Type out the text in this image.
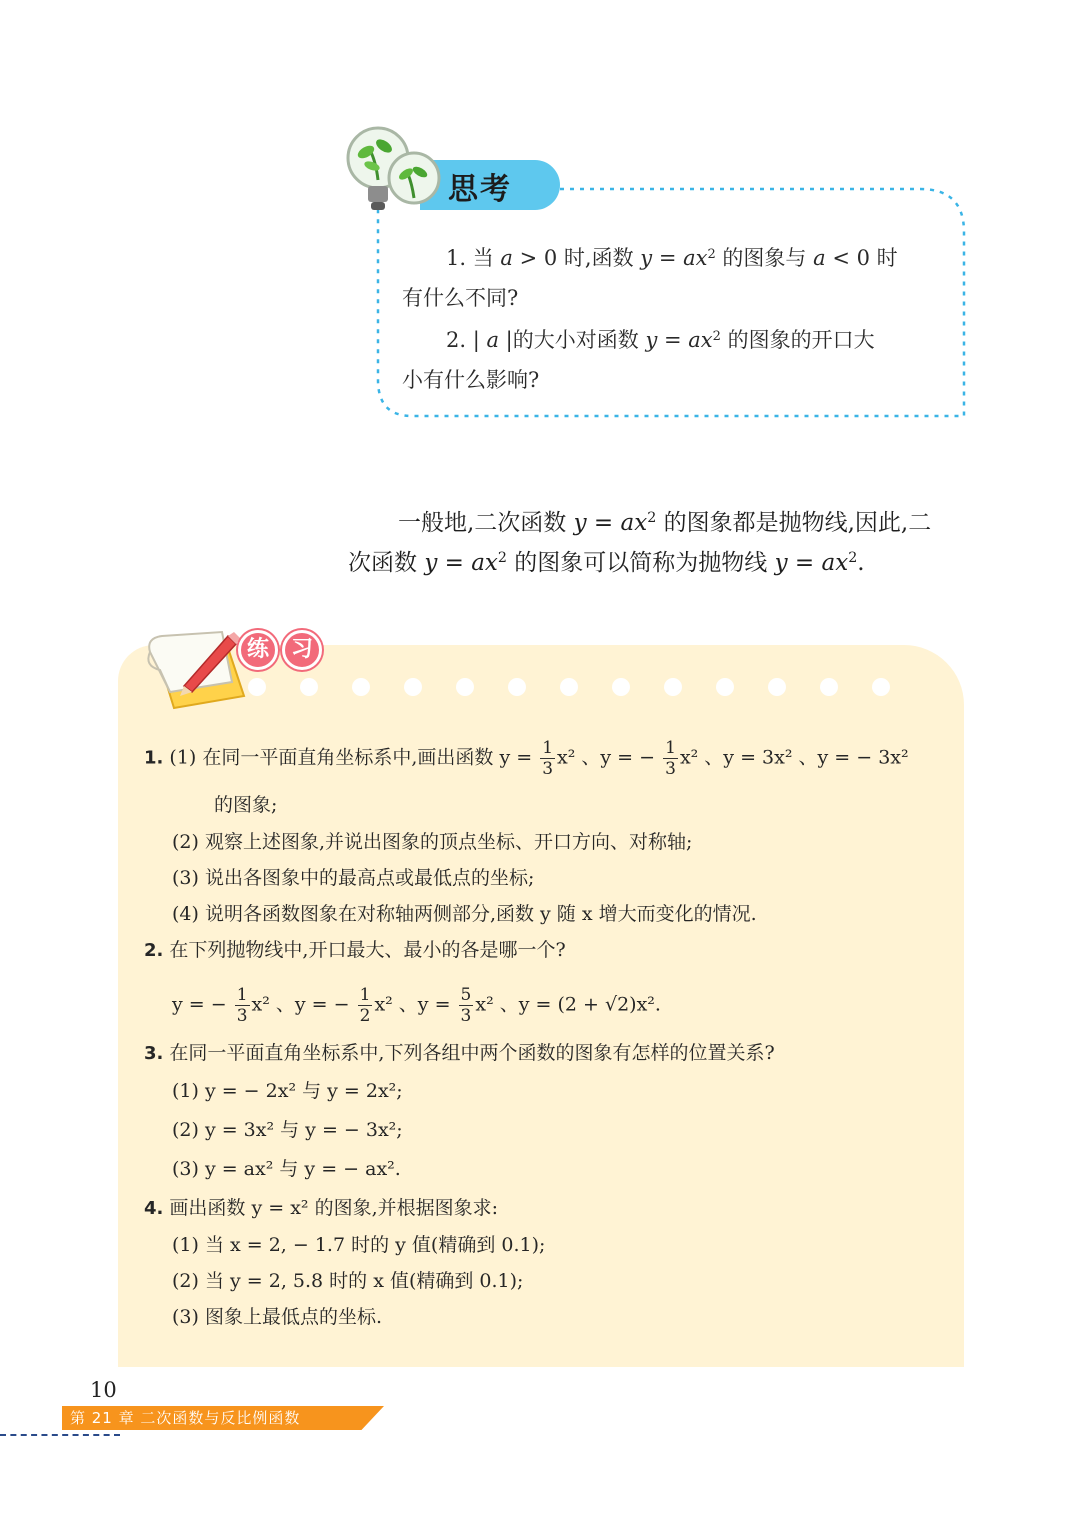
思考
1. 当 a > 0 时,函数 $y = ax^2$ 的图象与 a < 0 时
有什么不同?
2. | a |的大小对函数 $y = ax^2$ 的图象的开口大
小有什么影响?
一般地,二次函数 $y = ax^2$ 的图象都是抛物线,因此,二
次函数 $y = ax^2$ 的图象可以简称为抛物线 $y = ax^2$.
练 习
1. (1) 在同一平面直角坐标系中,画出函数 $y = \frac{1}{3} x^2$ 、y = − $\frac{1}{3} x^2$ 、y = 3x² 、y = − 3x²
的图象;
(2) 观察上述图象,并说出图象的顶点坐标、开口方向、对称轴;
(3) 说出各图象中的最高点或最低点的坐标;
(4) 说明各函数图象在对称轴两侧部分,函数 y 随 x 增大而变化的情况.
2. 在下列抛物线中,开口最大、最小的各是哪一个?
y = − $\frac{1}{3} x^2$ 、y = − $\frac{1}{2} x^2$ 、$y = \frac{5}{3} x^2$ 、y = (2 + √2)x².
3. 在同一平面直角坐标系中,下列各组中两个函数的图象有怎样的位置关系?
(1) y = − 2x² 与 y = 2x²;
(2) y = 3x² 与 y = − 3x²;
(3) y = ax² 与 y = − ax².
4. 画出函数 y = x² 的图象,并根据图象求:
(1) 当 x = 2, − 1.7 时的 y 值(精确到 0.1);
(2) 当 y = 2, 5.8 时的 x 值(精确到 0.1);
(3) 图象上最低点的坐标.
10
第 21 章 二次函数与反比例函数
